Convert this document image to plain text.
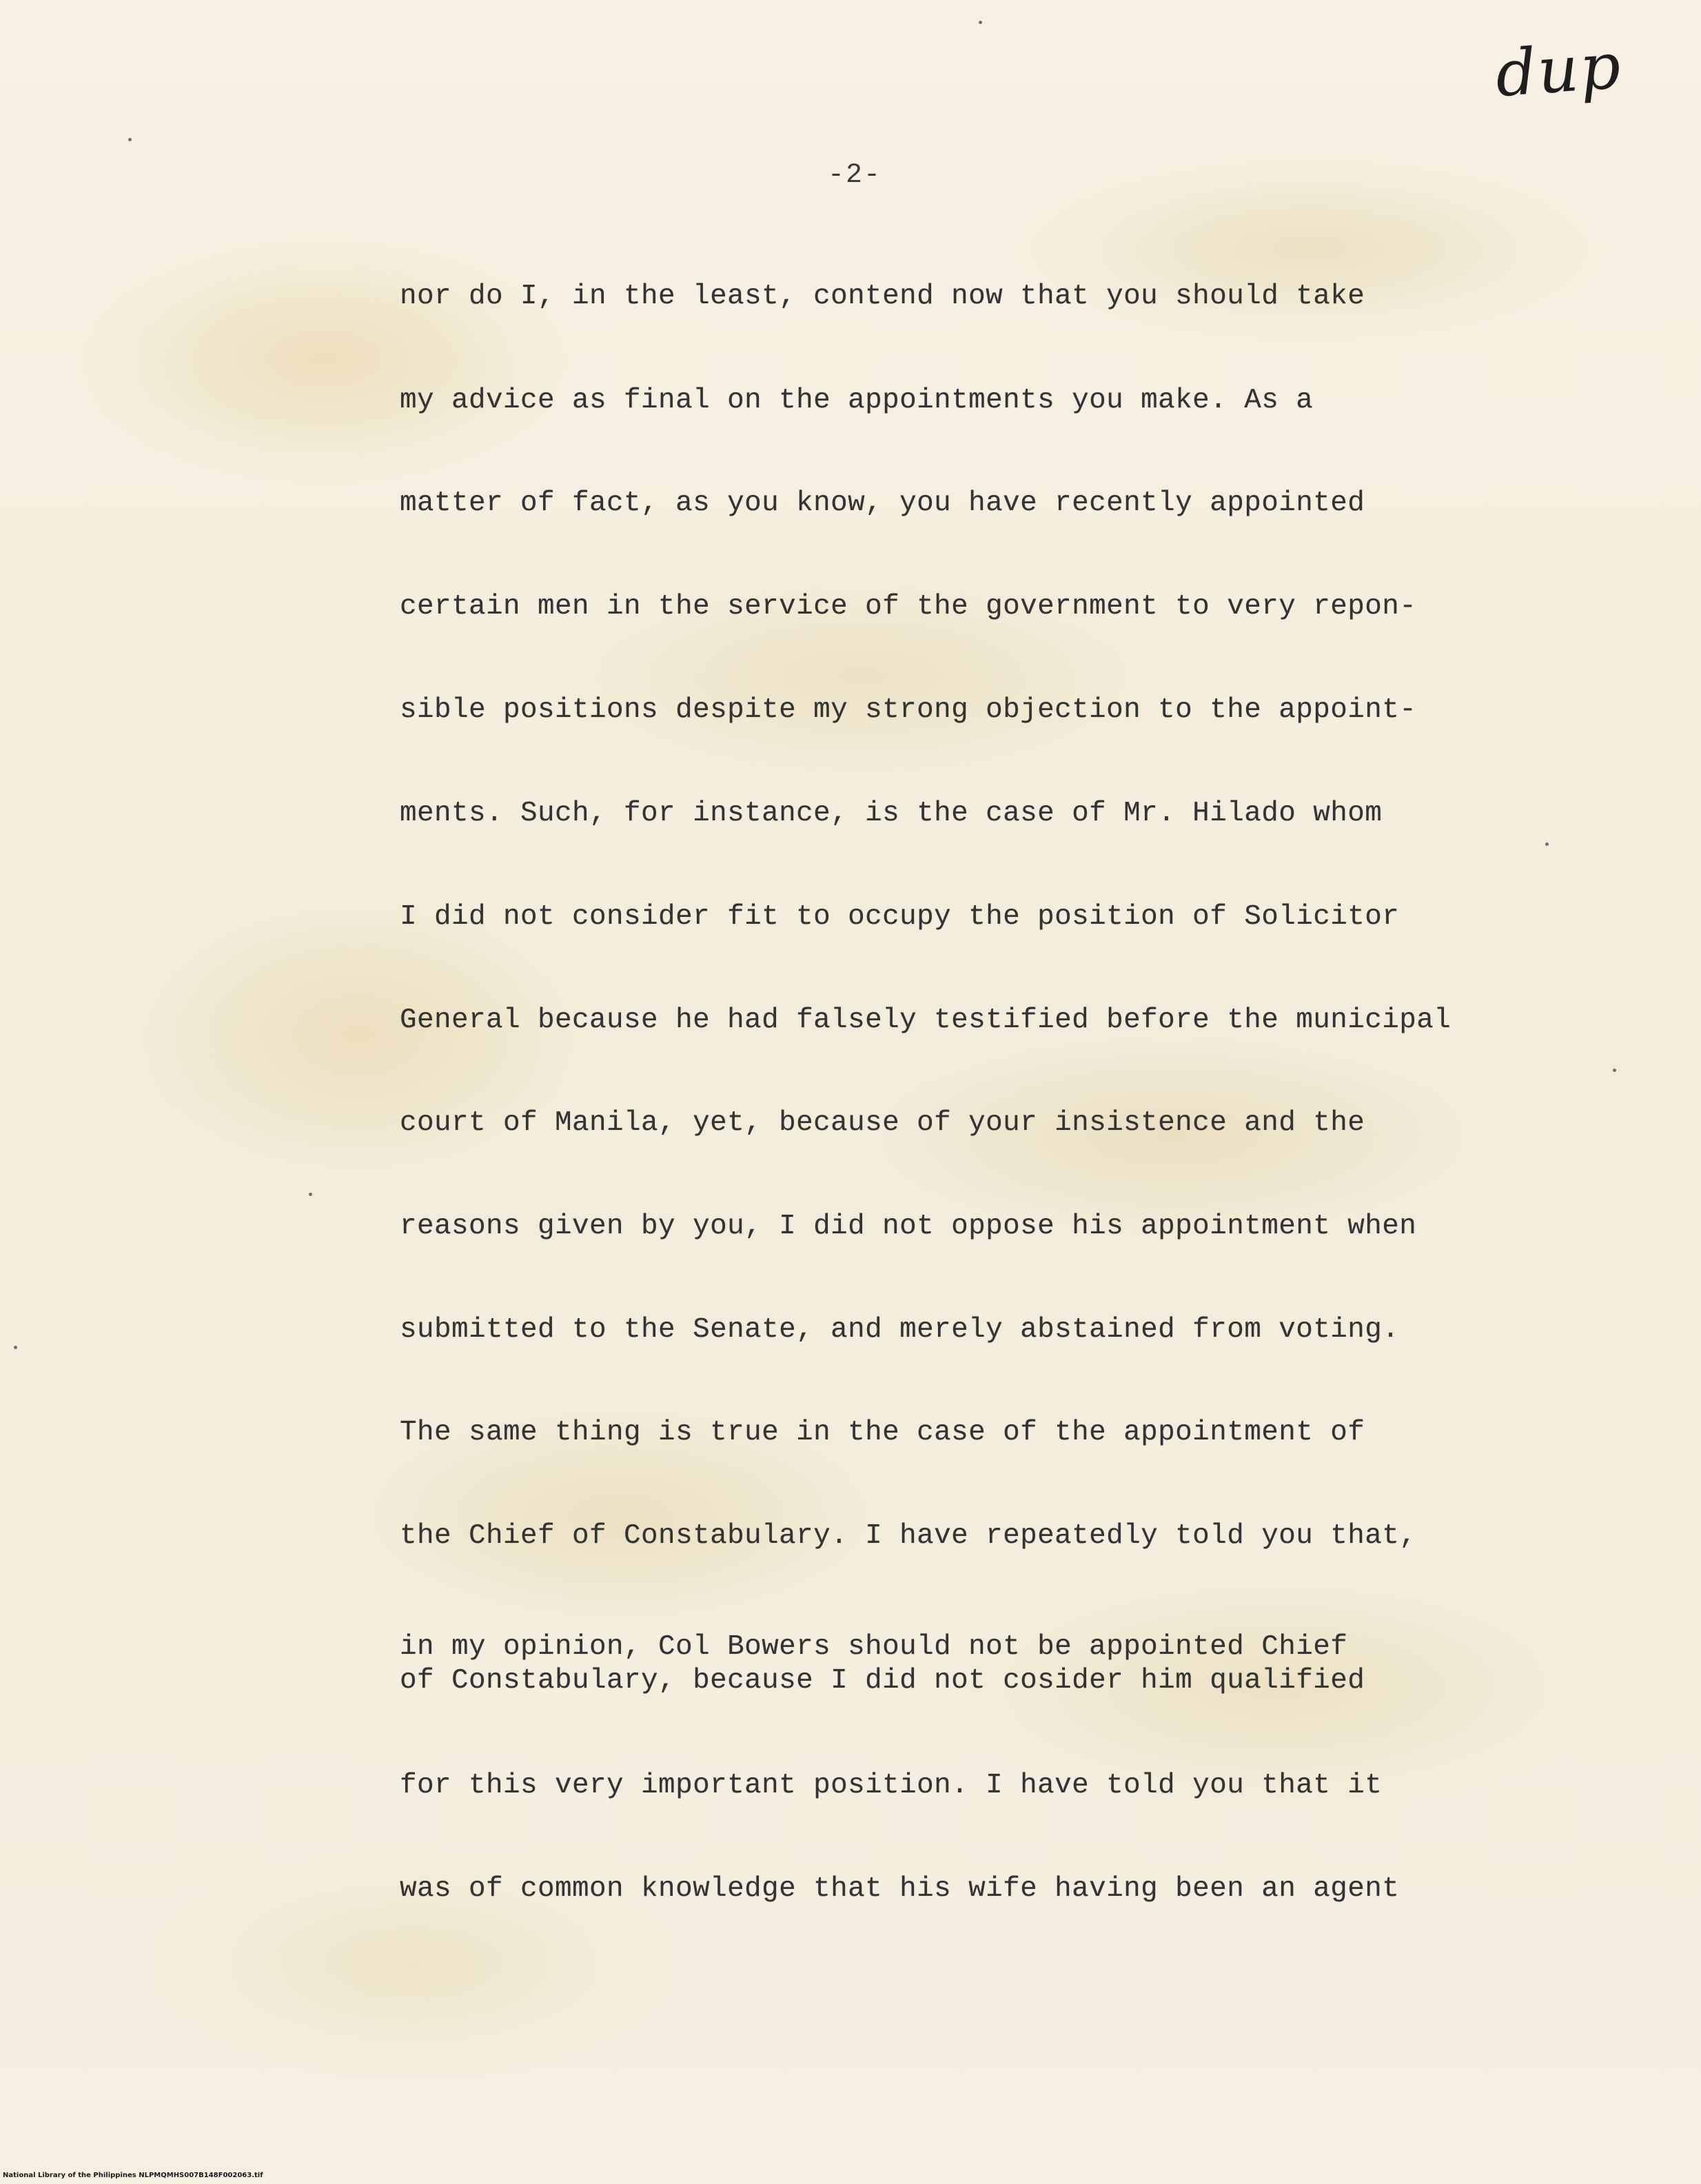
dup
-2-
nor do I, in the least, contend now that you should take
my advice as final on the appointments you make. As a
matter of fact, as you know, you have recently appointed
certain men in the service of the government to very repon-
sible positions despite my strong objection to the appoint-
ments. Such, for instance, is the case of Mr. Hilado whom
I did not consider fit to occupy the position of Solicitor
General because he had falsely testified before the municipal
court of Manila, yet, because of your insistence and the
reasons given by you, I did not oppose his appointment when
submitted to the Senate, and merely abstained from voting.
The same thing is true in the case of the appointment of
the Chief of Constabulary. I have repeatedly told you that,
in my opinion, Col Bowers should not be appointed Chief
of Constabulary, because I did not cosider him qualified
for this very important position. I have told you that it
was of common knowledge that his wife having been an agent
National Library of the Philippines NLPMQMHS007B148F002063.tif
